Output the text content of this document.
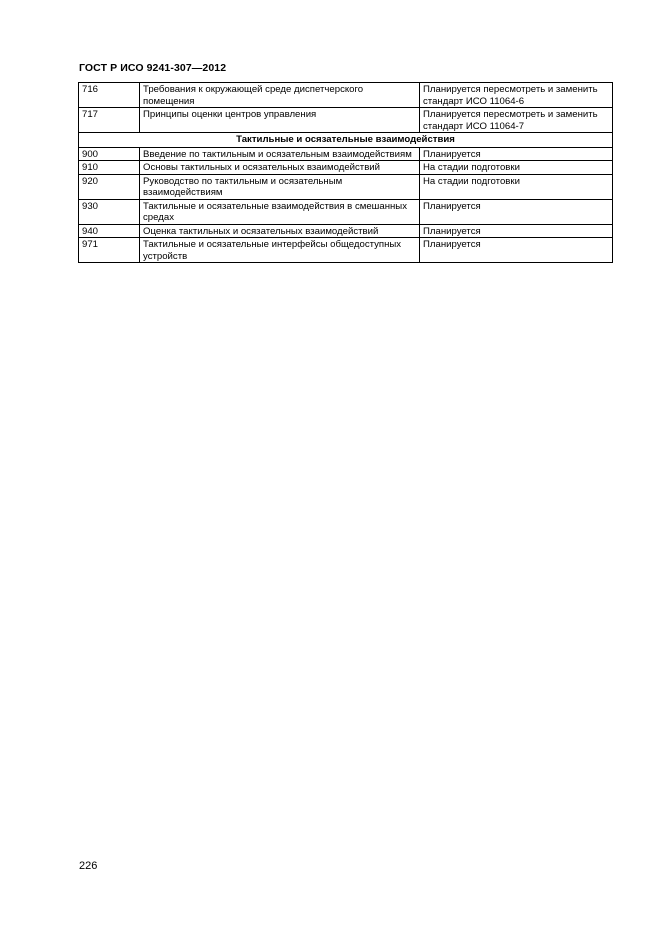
ГОСТ Р ИСО 9241-307—2012
716	Требования к окружающей среде диспетчерского помещения	Планируется пересмотреть и заменить стандарт ИСО 11064-6
717	Принципы оценки центров управления	Планируется пересмотреть и заменить стандарт ИСО 11064-7
Тактильные и осязательные взаимодействия		
900	Введение по тактильным и осязательным взаимодействиям	Планируется
910	Основы тактильных и осязательных взаимодействий	На стадии подготовки
920	Руководство по тактильным и осязательным взаимодействиям	На стадии подготовки
930	Тактильные и осязательные взаимодействия в смешанных средах	Планируется
940	Оценка тактильных и осязательных взаимодействий	Планируется
971	Тактильные и осязательные интерфейсы общедоступных устройств	Планируется
226
